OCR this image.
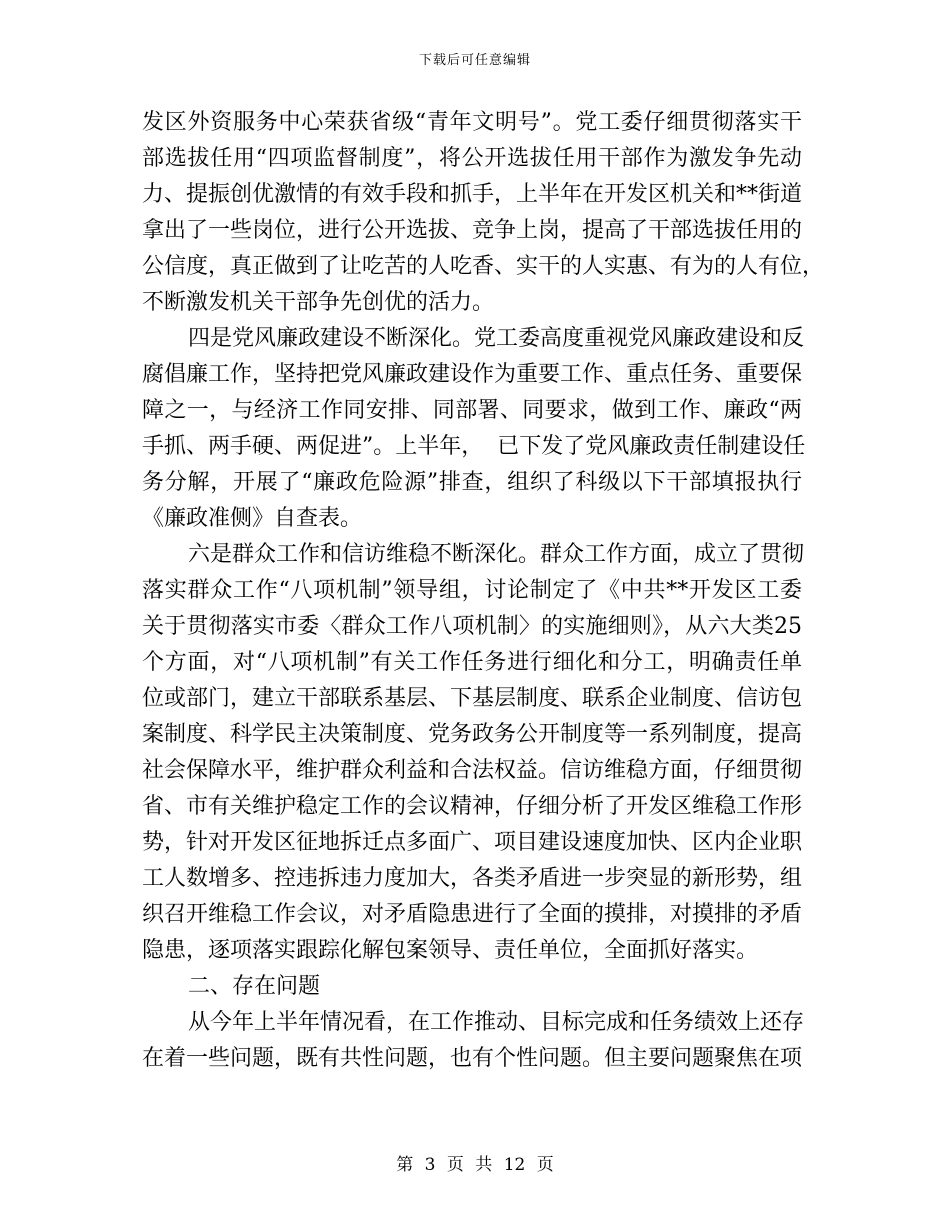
下载后可任意编辑
发区外资服务中心荣获省级“青年文明号”。党工委仔细贯彻落实干
部选拔任用“四项监督制度”，将公开选拔任用干部作为激发争先动
力、提振创优激情的有效手段和抓手，上半年在开发区机关和**街道
拿出了一些岗位，进行公开选拔、竞争上岗，提高了干部选拔任用的
公信度，真正做到了让吃苦的人吃香、实干的人实惠、有为的人有位，
不断激发机关干部争先创优的活力。
四是党风廉政建设不断深化。党工委高度重视党风廉政建设和反
腐倡廉工作，坚持把党风廉政建设作为重要工作、重点任务、重要保
障之一，与经济工作同安排、同部署、同要求，做到工作、廉政“两
手抓、两手硬、两促进”。上半年，  已下发了党风廉政责任制建设任
务分解，开展了“廉政危险源”排查，组织了科级以下干部填报执行
《廉政准侧》自查表。
六是群众工作和信访维稳不断深化。群众工作方面，成立了贯彻
落实群众工作“八项机制”领导组，讨论制定了《中共**开发区工委
关于贯彻落实市委〈群众工作八项机制〉的实施细则》，从六大类25
个方面，对“八项机制”有关工作任务进行细化和分工，明确责任单
位或部门，建立干部联系基层、下基层制度、联系企业制度、信访包
案制度、科学民主决策制度、党务政务公开制度等一系列制度，提高
社会保障水平，维护群众利益和合法权益。信访维稳方面，仔细贯彻
省、市有关维护稳定工作的会议精神，仔细分析了开发区维稳工作形
势，针对开发区征地拆迁点多面广、项目建设速度加快、区内企业职
工人数增多、控违拆违力度加大，各类矛盾进一步突显的新形势，组
织召开维稳工作会议，对矛盾隐患进行了全面的摸排，对摸排的矛盾
隐患，逐项落实跟踪化解包案领导、责任单位，全面抓好落实。
二、存在问题
从今年上半年情况看，在工作推动、目标完成和任务绩效上还存
在着一些问题，既有共性问题，也有个性问题。但主要问题聚焦在项
第 3 页 共 12 页
